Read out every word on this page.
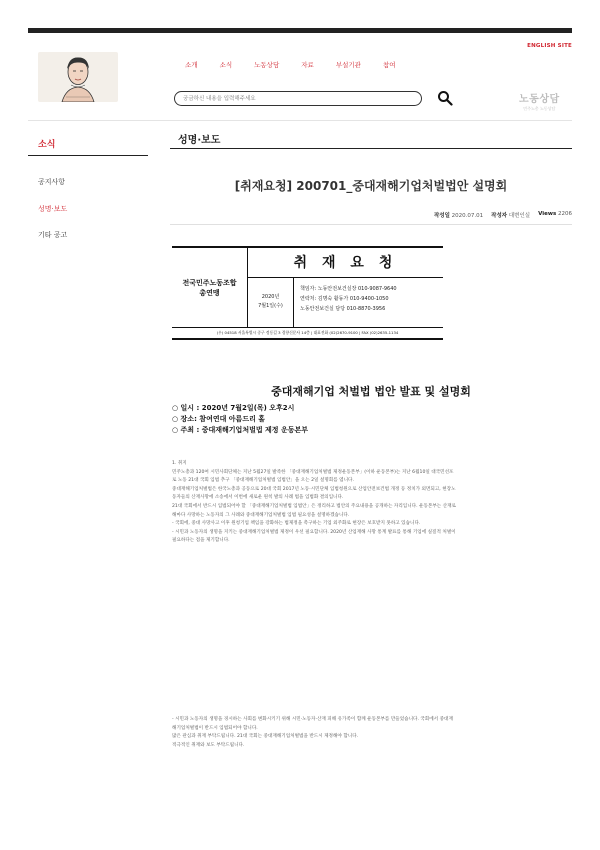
ENGLISH SITE
소개	소식	노동상담	자료	부설기관	참여
궁금하신 내용을 입력해주세요
노동상담
민주노총 노동상담
소식
공지사항
성명·보도
기타 공고
성명·보도
[취재요청] 200701_중대재해기업처벌법안 설명회
작성일 2020.07.01 작성자 대변인실 Views 2206
전국민주노동조합
총연맹
취 재 요 청
2020년
7월1일(수)
책임자: 노동안전보건실장 010-9087-9640
연락처: 김명숙 활동가 010-9400-1050
노동안전보건실 담당 010-8870-3956
(우) 04518 서울특별시 중구 정동길 3 경향신문사 14층 | 대표전화 (02)2670-9100 | FAX (02)2635-1134
중대재해기업 처벌법 법안 발표 및 설명회
○ 일시 : 2020년 7월2일(목) 오후2시
○ 장소: 참여연대 아름드리 홀
○ 주최 : 중대재해기업처벌법 제정 운동본부

1. 취지

민주노총과 120여 시민사회단체는 지난 5월27일 발족한 「중대재해기업처벌법 제정운동본부」(이하 운동본부)는 지난 6월10일 대국민선포로 노동 21대 국회 입법 추구 「중대재해기업처벌법 입법안」을 오는 2일 설명회를 엽니다.

중대재해기업처벌법은 한국노총과 공동으로 20대 국회 2017년 노동·시민단체 입법청원으로 산업안전보건법 개정 등 정치가 외면되고, 현장노동자들의 산재사망에 소송에서 이번에 새로운 원칙 발의 사례 법을 입법화 결의입니다.

21대 국회에서 반드시 입법되어야 할 「중대재해기업처벌법 입법안」은 정리하고 법안의 주요내용을 공개하는 자리입니다. 운동본부는 산재로 해마다 사망하는 노동자의 그 사례와 중대재해기업처벌법 입법 필요성을 설명하겠습니다.

- 국회에, 중대 사망사고 이후 원청기업 책임을 강화하는 법제정을 촉구하는 기업 외주화로 현장은 보호받지 못하고 있습니다.

- 시민과 노동자의 생명을 지키는 중대재해기업처벌법 제정이 우선 필요합니다. 2020년 산업재해 사망 통계 발표를 통해 기업에 실질적 처벌이 필요하다는 점을 제기합니다.

- 시민과 노동자의 생명을 경시하는 사회를 변화시키기 위해 시민·노동자·산재 피해 유가족이 함께 운동본부를 만들었습니다. 국회에서 중대재해기업처벌법이 반드시 입법되어야 합니다.

많은 관심과 취재 부탁드립니다. 21대 국회는 중대재해기업처벌법을 반드시 제정해야 합니다.

적극적인 취재와 보도 부탁드립니다.
